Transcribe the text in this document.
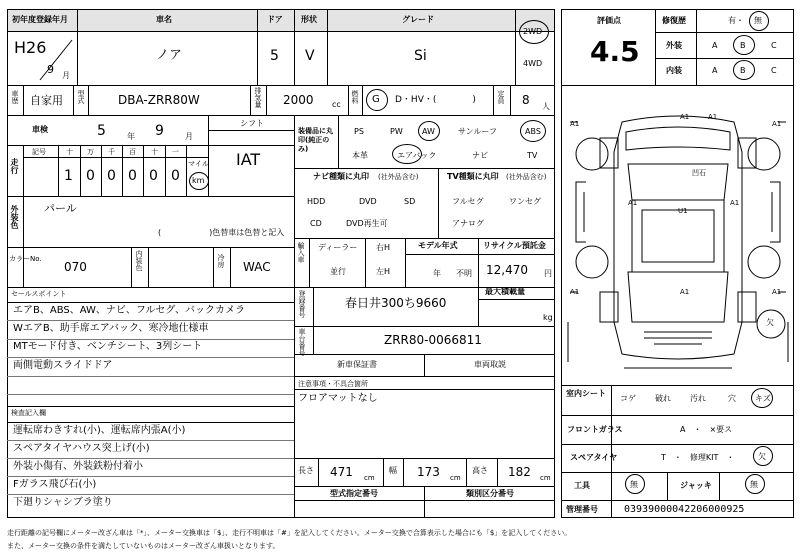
初年度登録年月	車名	ドア 形状	グレード
H26
9 月
ノア	5 V	Si
2WD
4WD
車歴 自家用 型式	DBA-ZRR80W	排気量 2000 cc
燃料 G D・HV・(　　　　)	定員 8 人
車検	5	年 9	月
シフト
IAT
走行
記号	十 万 千 百 十 一
1 0 0 0 0 0
マイル
km
外装色 パール
(　　　　　　)色替車は色替と記入
カラーNo.
070	内装色	冷房 WAC
セールスポイント
エアB、ABS、AW、ナビ、フルセグ、バックカメラ
WエアB、助手席エアバック、寒冷地仕様車
MTモード付き、ベンチシート、3列シート
両側電動スライドドア
検査記入欄
運転席わきすれ(小)、運転席内張A(小)
スペアタイヤハウス突上げ(小)
外装小傷有、外装鉄粉付着小
Fガラス飛び石(小)
下廻りシャシブラ塗り
装備品に丸印(純正のみ)
PS	PW AW	サンルーフ	ABS
本革	エアバック	ナビ	TV
ナビ種類に丸印 (社外品含む)
HDD	DVD	SD
CD	DVD再生可
TV種類に丸印 (社外品含む)
フルセグ	ワンセグ
アナログ
輸入車 ディーラー
並行
右H
左H
モデル年式
年 不明
リサイクル預託金
12,470 円
登録番号	春日井300ち9660
最大積載量
kg
車台番号	ZRR80-0066811
新車保証書	車両取説
注意事項・不具合箇所
フロアマットなし
長さ 471 cm
幅 173 cm
高さ 182 cm
型式指定番号	類別区分番号
評価点
4.5
修復歴	有・ 無
外装	A	B	C
内装	A	B	C
A1
A1	A1
A1
凹石
A1
U1
A1
A1	A1	A1
欠
室内シート
コゲ 破れ 汚れ	穴 キズ
フロントガラス	A　・　×要ス
スペアタイヤ	T　・　修理KIT　・	欠
工具	無	ジャッキ	無
管理番号	03939000042206000925
走行距離の記号欄にメーター改ざん車は「*」、メーター交換車は「$」、走行不明車は「#」を記入してください。メーター交換で合算表示した場合にも「$」を記入してください。
また、メーター交換の条件を満たしていないものはメーター改ざん車扱いとなります。
